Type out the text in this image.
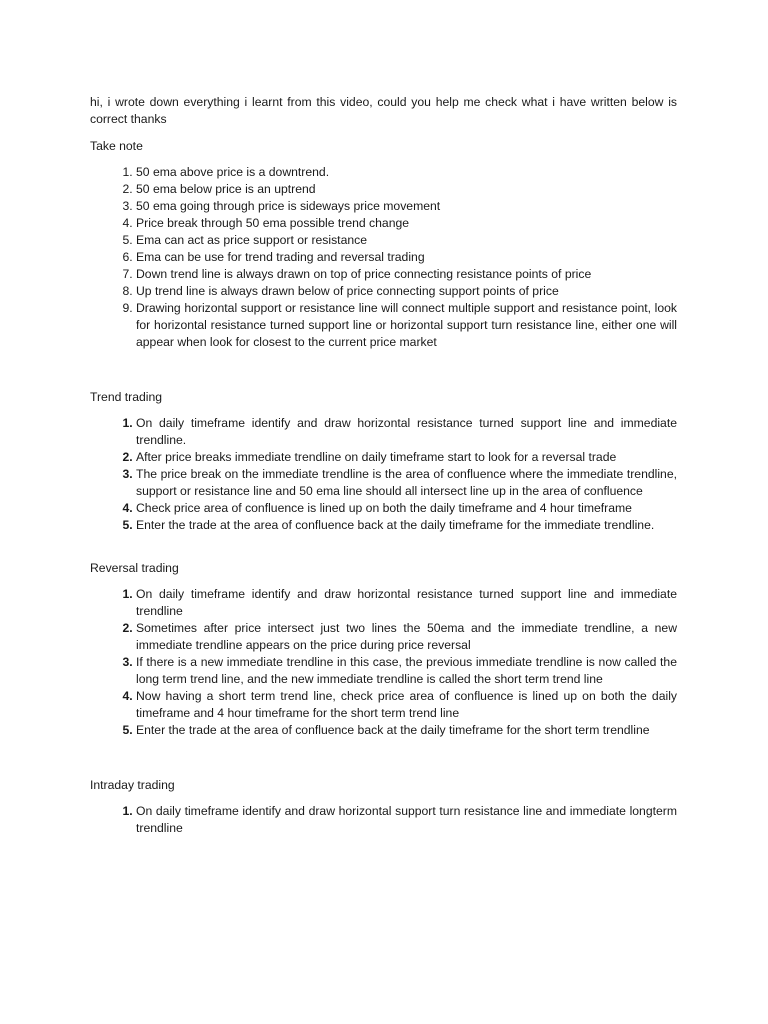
hi, i wrote down everything i learnt from this video, could you help me check what i have written below is correct thanks

Take note

1. 50 ema above price is a downtrend.
2. 50 ema below price is an uptrend
3. 50 ema going through price is sideways price movement
4. Price break through 50 ema possible trend change
5. Ema can act as price support or resistance
6. Ema can be use for trend trading and reversal trading
7. Down trend line is always drawn on top of price connecting resistance points of price
8. Up trend line is always drawn below of price connecting support points of price
9. Drawing horizontal support or resistance line will connect multiple support and resistance point, look for horizontal resistance turned support line or horizontal support turn resistance line, either one will appear when look for closest to the current price market

Trend trading

1. On daily timeframe identify and draw horizontal resistance turned support line and immediate trendline.
2. After price breaks immediate trendline on daily timeframe start to look for a reversal trade
3. The price break on the immediate trendline is the area of confluence where the immediate trendline, support or resistance line and 50 ema line should all intersect line up in the area of confluence
4. Check price area of confluence is lined up on both the daily timeframe and 4 hour timeframe
5. Enter the trade at the area of confluence back at the daily timeframe for the immediate trendline.

Reversal trading

1. On daily timeframe identify and draw horizontal resistance turned support line and immediate trendline
2. Sometimes after price intersect just two lines the 50ema and the immediate trendline, a new immediate trendline appears on the price during price reversal
3. If there is a new immediate trendline in this case, the previous immediate trendline is now called the long term trend line, and the new immediate trendline is called the short term trend line
4. Now having a short term trend line, check price area of confluence is lined up on both the daily timeframe and 4 hour timeframe for the short term trend line
5. Enter the trade at the area of confluence back at the daily timeframe for the short term trendline

Intraday trading

1. On daily timeframe identify and draw horizontal support turn resistance line and immediate longterm trendline
